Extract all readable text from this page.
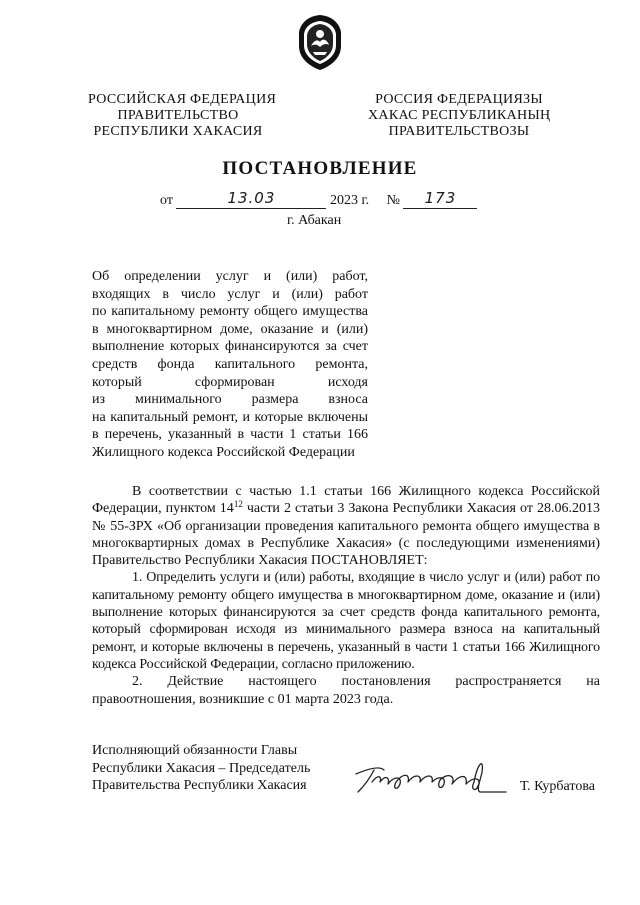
РОССИЙСКАЯ ФЕДЕРАЦИЯ
ПРАВИТЕЛЬСТВО
РЕСПУБЛИКИ ХАКАСИЯ
РОССИЯ ФЕДЕРАЦИЯЗЫ
ХАКАС РЕСПУБЛИКАНЫҢ
ПРАВИТЕЛЬСТВОЗЫ
ПОСТАНОВЛЕНИЕ
от	13.03	2023 г. №	173
г. Абакан
Об определении услуг и (или) работ,
входящих в число услуг и (или) работ
по капитальному ремонту общего имущества
в многоквартирном доме, оказание и (или)
выполнение которых финансируются за счет
средств фонда капитального ремонта,
который сформирован исходя
из минимального размера взноса
на капитальный ремонт, и которые включены
в перечень, указанный в части 1 статьи 166
Жилищного кодекса Российской Федерации

В соответствии с частью 1.1 статьи 166 Жилищного кодекса Российской Федерации, пунктом $14^{12}$ части 2 статьи 3 Закона Республики Хакасия от 28.06.2013 № 55-ЗРХ «Об организации проведения капитального ремонта общего имущества в многоквартирных домах в Республике Хакасия» (с последующими изменениями) Правительство Республики Хакасия ПОСТАНОВЛЯЕТ:

1. Определить услуги и (или) работы, входящие в число услуг и (или) работ по капитальному ремонту общего имущества в многоквартирном доме, оказание и (или) выполнение которых финансируются за счет средств фонда капитального ремонта, который сформирован исходя из минимального размера взноса на капитальный ремонт, и которые включены в перечень, указанный в части 1 статьи 166 Жилищного кодекса Российской Федерации, согласно приложению.

2. Действие настоящего постановления распространяется на правоотношения, возникшие с 01 марта 2023 года.

Исполняющий обязанности Главы
Республики Хакасия – Председатель
Правительства Республики Хакасия	Т. Курбатова
